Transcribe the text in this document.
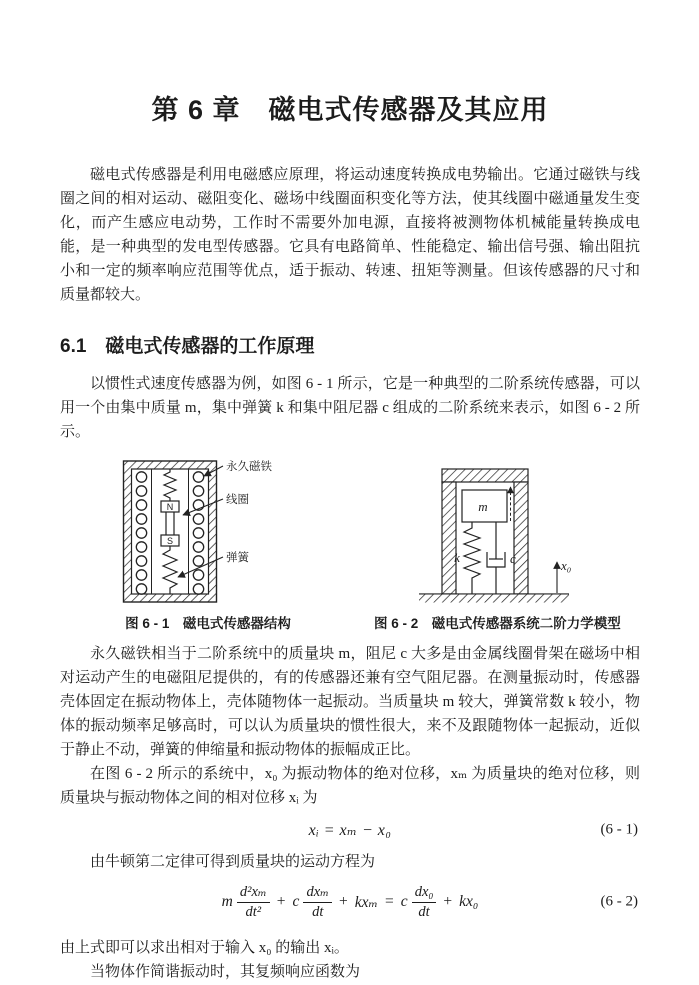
第 6 章　磁电式传感器及其应用

磁电式传感器是利用电磁感应原理，将运动速度转换成电势输出。它通过磁铁与线圈之间的相对运动、磁阻变化、磁场中线圈面积变化等方法，使其线圈中磁通量发生变化，而产生感应电动势，工作时不需要外加电源，直接将被测物体机械能量转换成电能，是一种典型的发电型传感器。它具有电路简单、性能稳定、输出信号强、输出阻抗小和一定的频率响应范围等优点，适于振动、转速、扭矩等测量。但该传感器的尺寸和质量都较大。

6.1　磁电式传感器的工作原理

以惯性式速度传感器为例，如图 6 - 1 所示，它是一种典型的二阶系统传感器，可以用一个由集中质量 m，集中弹簧 k 和集中阻尼器 c 组成的二阶系统来表示，如图 6 - 2 所示。

N
S
永久磁铁
线圈
弹簧
图 6 - 1　磁电式传感器结构
m
k	c	x₀
图 6 - 2　磁电式传感器系统二阶力学模型

永久磁铁相当于二阶系统中的质量块 m，阻尼 c 大多是由金属线圈骨架在磁场中相对运动产生的电磁阻尼提供的，有的传感器还兼有空气阻尼器。在测量振动时，传感器壳体固定在振动物体上，壳体随物体一起振动。当质量块 m 较大，弹簧常数 k 较小，物体的振动频率足够高时，可以认为质量块的惯性很大，来不及跟随物体一起振动，近似于静止不动，弹簧的伸缩量和振动物体的振幅成正比。

在图 6 - 2 所示的系统中，x₀ 为振动物体的绝对位移，xₘ 为质量块的绝对位移，则质量块与振动物体之间的相对位移 xᵢ 为

xᵢ = xₘ − x₀	(6 - 1)

由牛顿第二定律可得到质量块的运动方程为

m $\frac{\text{d²xₘ}}{\text{dt²}} + c \frac{\text{dxₘ}}{dt} + kx_m = c \frac{\text{dx₀}}{dt} + kx_0$	(6 - 2)

由上式即可以求出相对于输入 x₀ 的输出 xᵢ。

当物体作简谐振动时，其复频响应函数为
